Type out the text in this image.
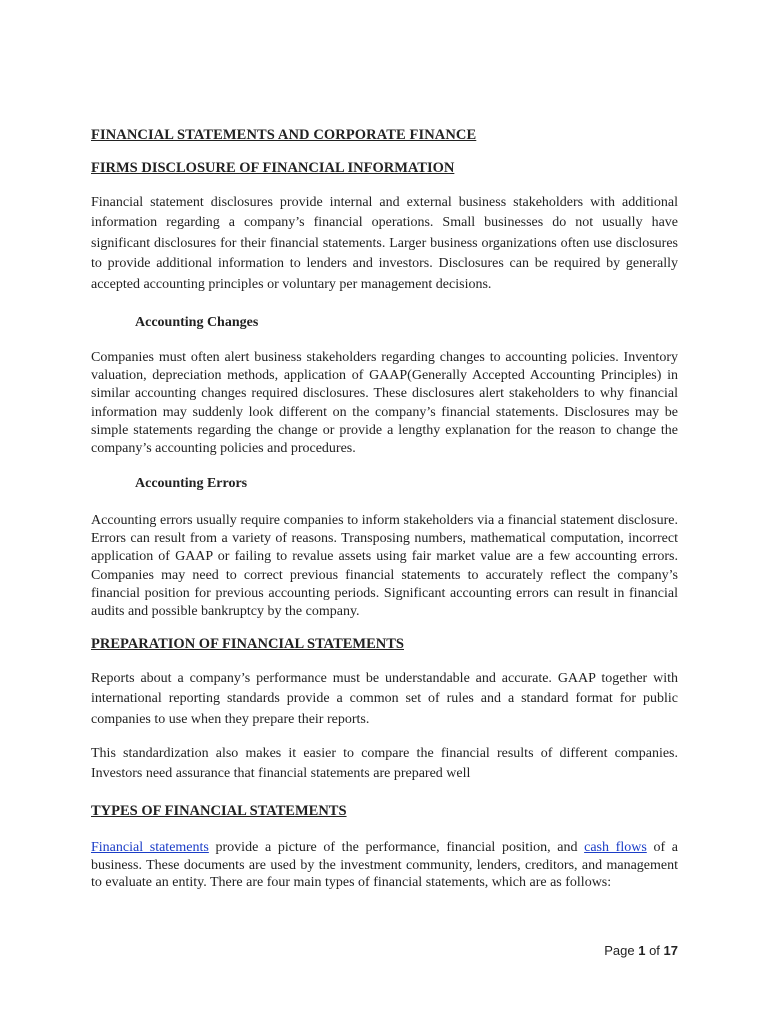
FINANCIAL STATEMENTS AND CORPORATE FINANCE
FIRMS DISCLOSURE OF FINANCIAL INFORMATION
Financial statement disclosures provide internal and external business stakeholders with additional information regarding a company’s financial operations. Small businesses do not usually have significant disclosures for their financial statements. Larger business organizations often use disclosures to provide additional information to lenders and investors. Disclosures can be required by generally accepted accounting principles or voluntary per management decisions.
Accounting Changes
Companies must often alert business stakeholders regarding changes to accounting policies. Inventory valuation, depreciation methods, application of GAAP(Generally Accepted Accounting Principles) in similar accounting changes required disclosures. These disclosures alert stakeholders to why financial information may suddenly look different on the company’s financial statements. Disclosures may be simple statements regarding the change or provide a lengthy explanation for the reason to change the company’s accounting policies and procedures.
Accounting Errors
Accounting errors usually require companies to inform stakeholders via a financial statement disclosure. Errors can result from a variety of reasons. Transposing numbers, mathematical computation, incorrect application of GAAP or failing to revalue assets using fair market value are a few accounting errors. Companies may need to correct previous financial statements to accurately reflect the company’s financial position for previous accounting periods. Significant accounting errors can result in financial audits and possible bankruptcy by the company.
PREPARATION OF FINANCIAL STATEMENTS
Reports about a company’s performance must be understandable and accurate. GAAP together with international reporting standards provide a common set of rules and a standard format for public companies to use when they prepare their reports.
This standardization also makes it easier to compare the financial results of different companies. Investors need assurance that financial statements are prepared well
TYPES OF FINANCIAL STATEMENTS
Financial statements provide a picture of the performance, financial position, and cash flows of a business. These documents are used by the investment community, lenders, creditors, and management to evaluate an entity. There are four main types of financial statements, which are as follows:
Page 1 of 17
